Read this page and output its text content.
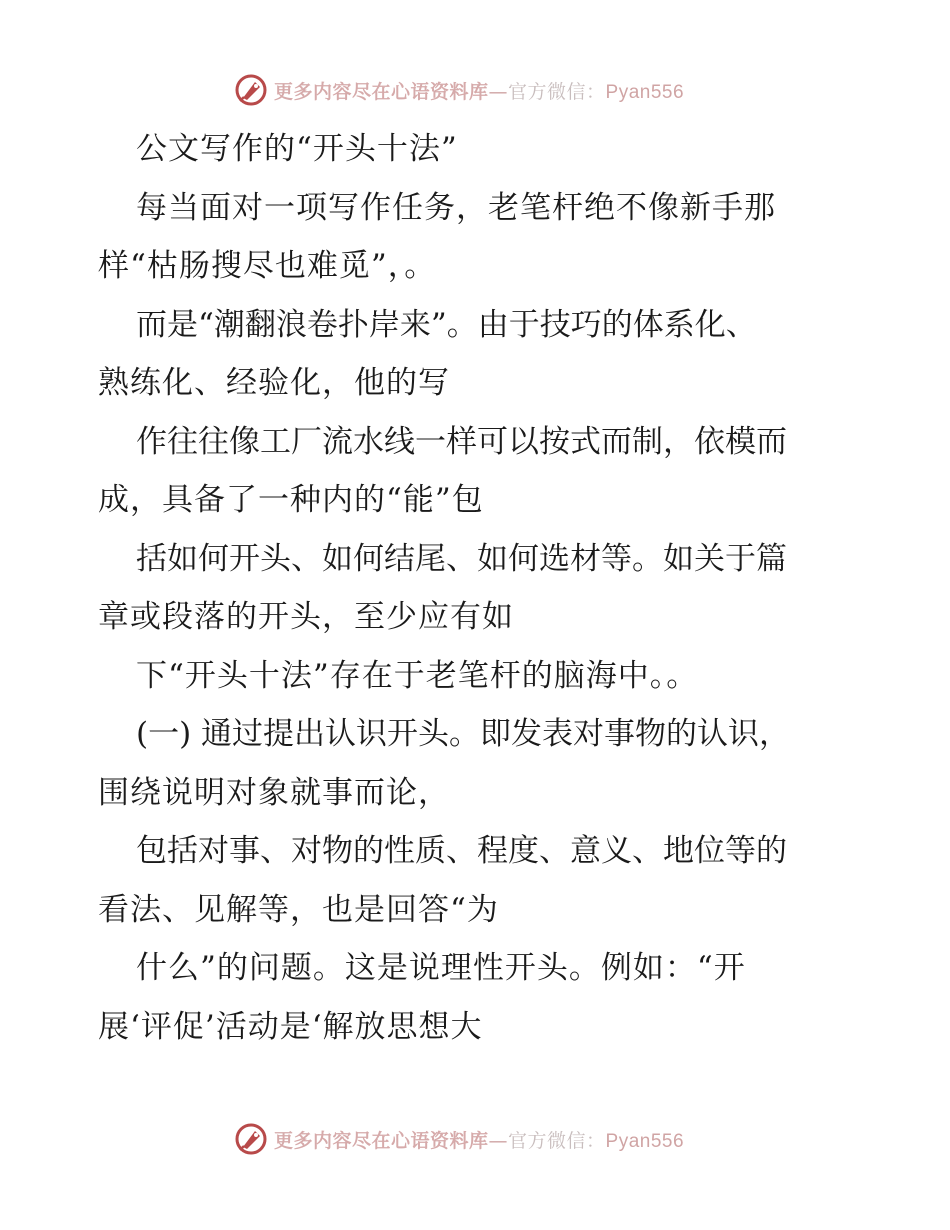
更多内容尽在心语资料库—官方微信：Pyan556
公文写作的“开头十法”
每当面对一项写作任务，老笔杆绝不像新手那
样“枯肠搜尽也难觅”，。
而是“潮翻浪卷扑岸来”。由于技巧的体系化、
熟练化、经验化，他的写
作往往像工厂流水线一样可以按式而制，依模而
成，具备了一种内的“能”包
括如何开头、如何结尾、如何选材等。如关于篇
章或段落的开头，至少应有如
下“开头十法”存在于老笔杆的脑海中。。
(一) 通过提出认识开头。即发表对事物的认识，
围绕说明对象就事而论，
包括对事、对物的性质、程度、意义、地位等的
看法、见解等，也是回答“为
什么”的问题。这是说理性开头。例如：“开
展‘评促’活动是‘解放思想大
更多内容尽在心语资料库—官方微信：Pyan556
